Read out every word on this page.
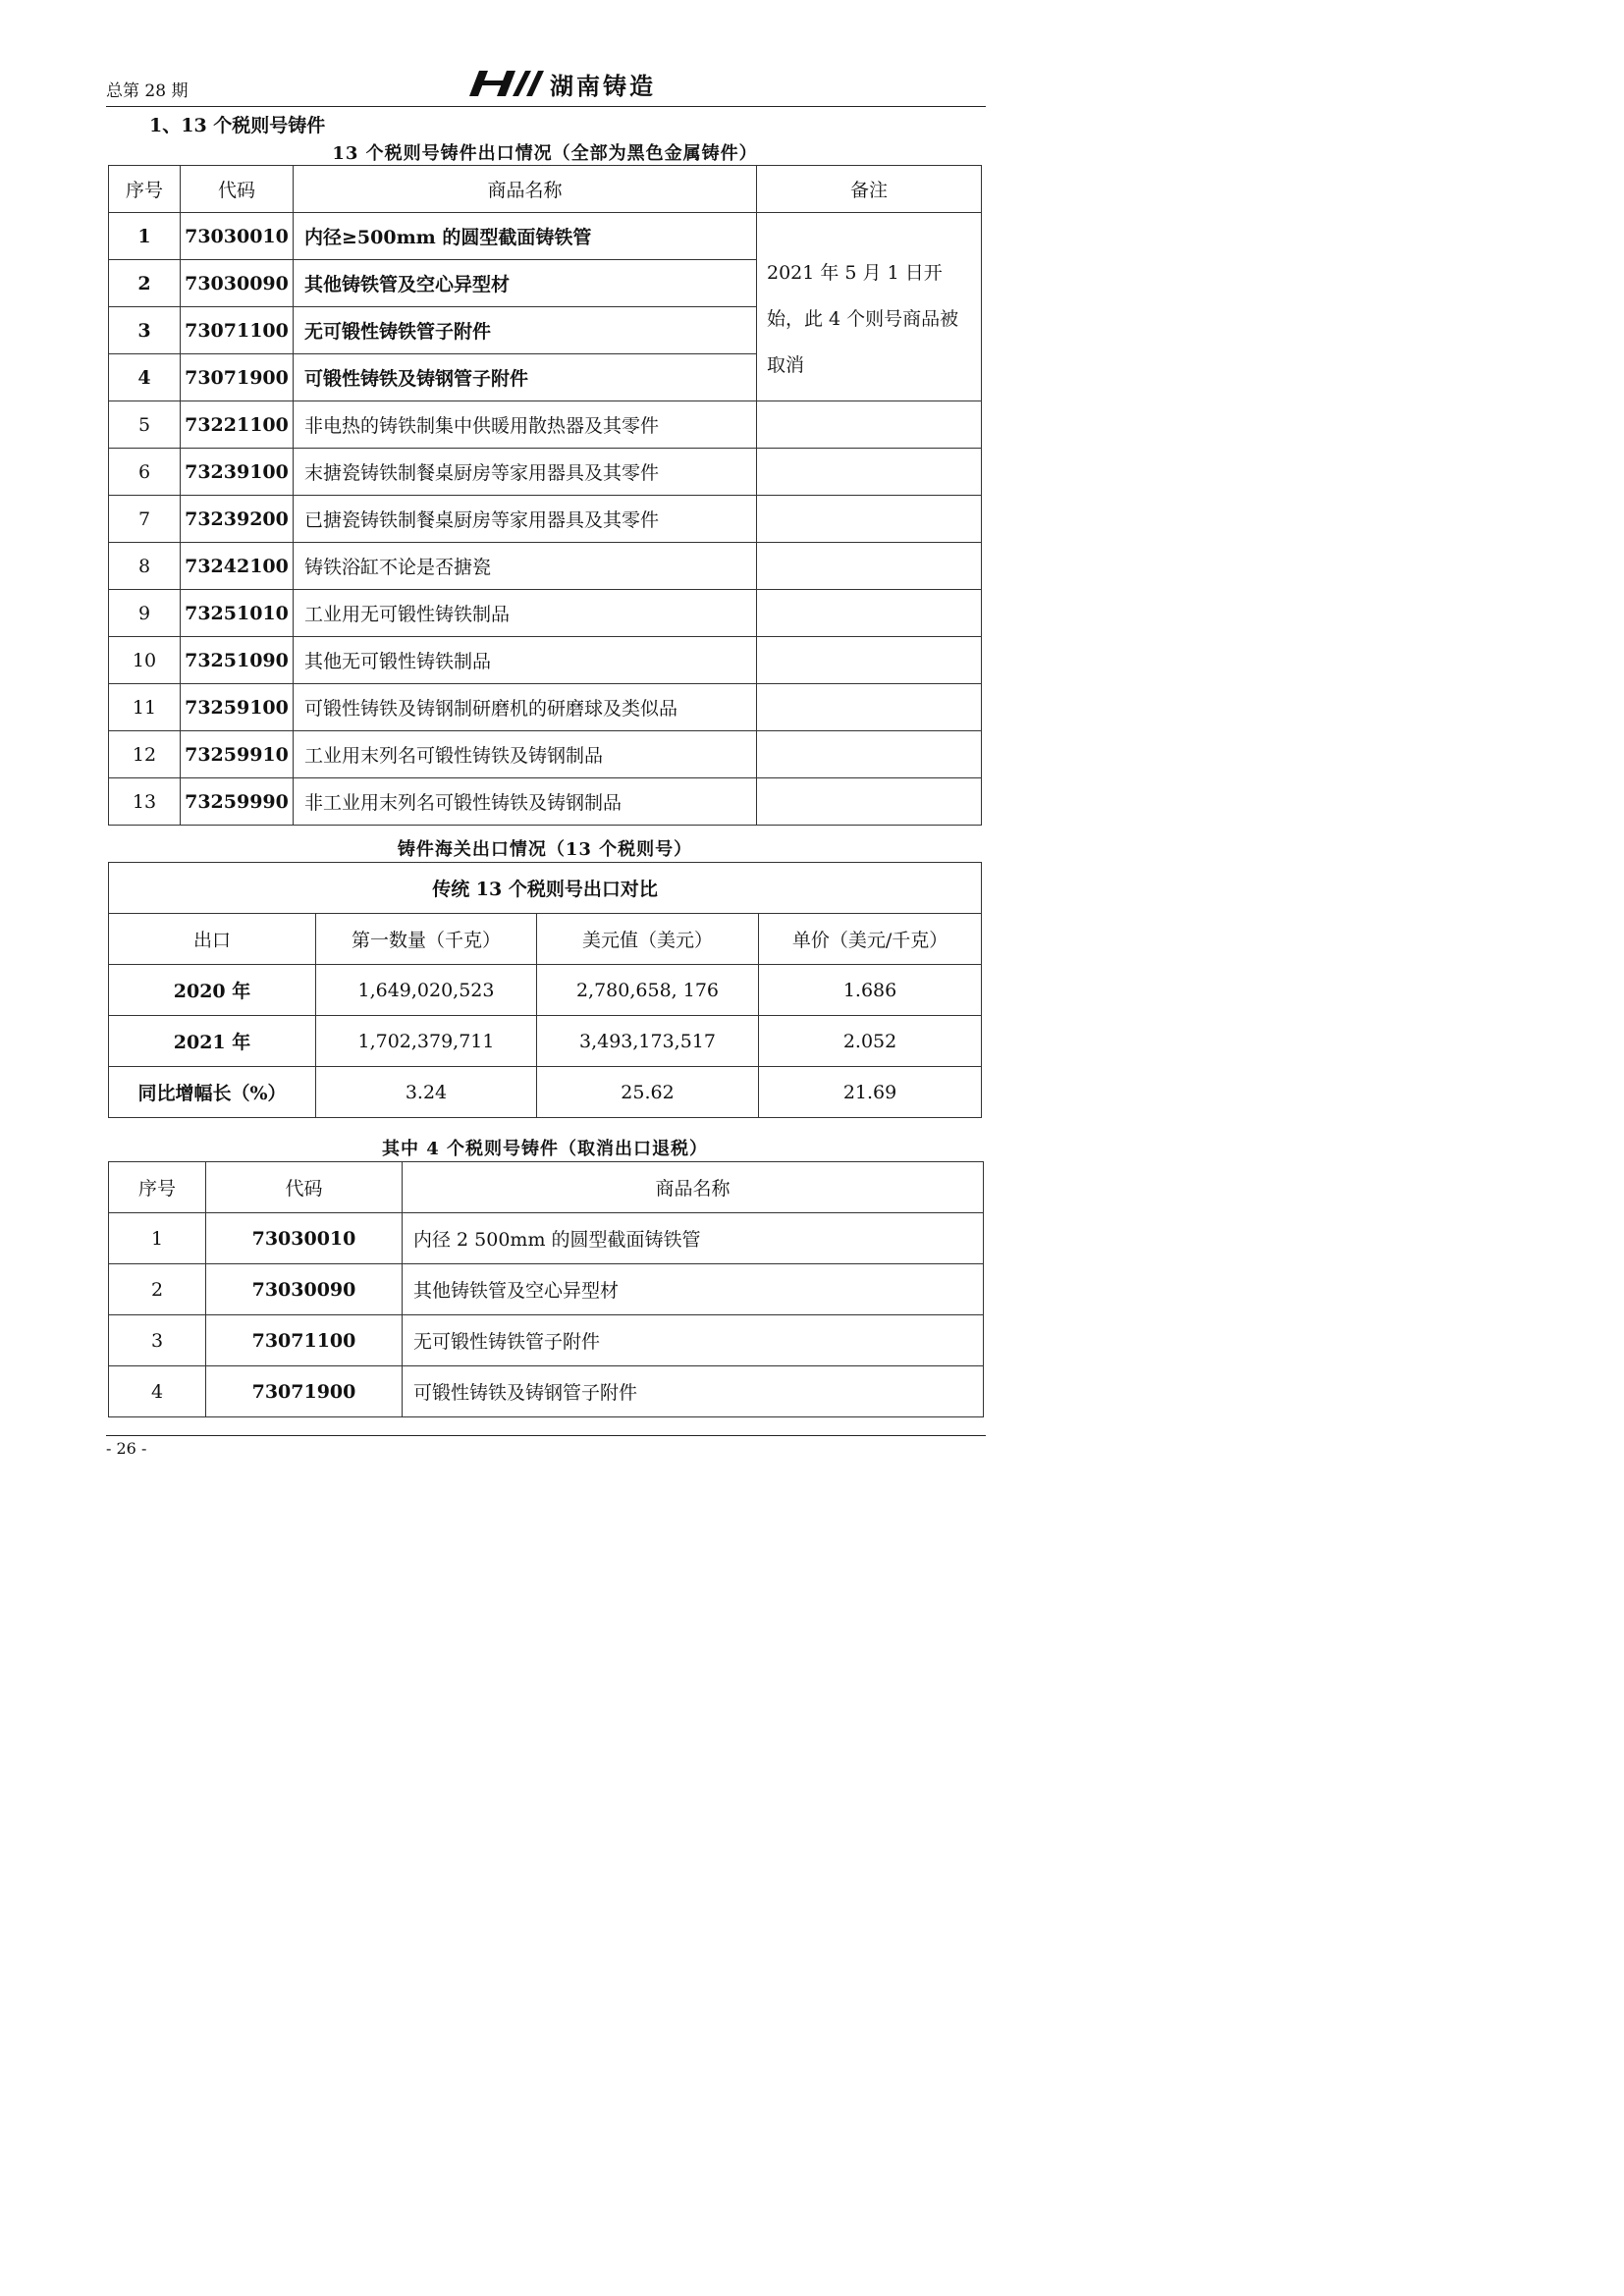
总第 28 期	湖南铸造
1、13 个税则号铸件
13 个税则号铸件出口情况（全部为黑色金属铸件）
序号	代码	商品名称	备注
1	73030010	内径≥500mm 的圆型截面铸铁管	2021 年 5 月 1 日开始，此 4 个则号商品被取消
2	73030090	其他铸铁管及空心异型材	
3	73071100	无可锻性铸铁管子附件	
4	73071900	可锻性铸铁及铸钢管子附件	
5	73221100	非电热的铸铁制集中供暖用散热器及其零件	
6	73239100	末搪瓷铸铁制餐桌厨房等家用器具及其零件	
7	73239200	已搪瓷铸铁制餐桌厨房等家用器具及其零件	
8	73242100	铸铁浴缸不论是否搪瓷	
9	73251010	工业用无可锻性铸铁制品	
10	73251090	其他无可锻性铸铁制品	
11	73259100	可锻性铸铁及铸钢制研磨机的研磨球及类似品	
12	73259910	工业用末列名可锻性铸铁及铸钢制品	
13	73259990	非工业用末列名可锻性铸铁及铸钢制品	
铸件海关出口情况（13 个税则号）
传统 13 个税则号出口对比			
出口	第一数量（千克）	美元值（美元）	单价（美元/千克）
2020 年	1,649,020,523	2,780,658, 176	1.686
2021 年	1,702,379,711	3,493,173,517	2.052
同比增幅长（%）	3.24	25.62	21.69
其中 4 个税则号铸件（取消出口退税）
序号	代码	商品名称
1	73030010	内径 2 500mm 的圆型截面铸铁管
2	73030090	其他铸铁管及空心异型材
3	73071100	无可锻性铸铁管子附件
4	73071900	可锻性铸铁及铸钢管子附件
- 26 -
